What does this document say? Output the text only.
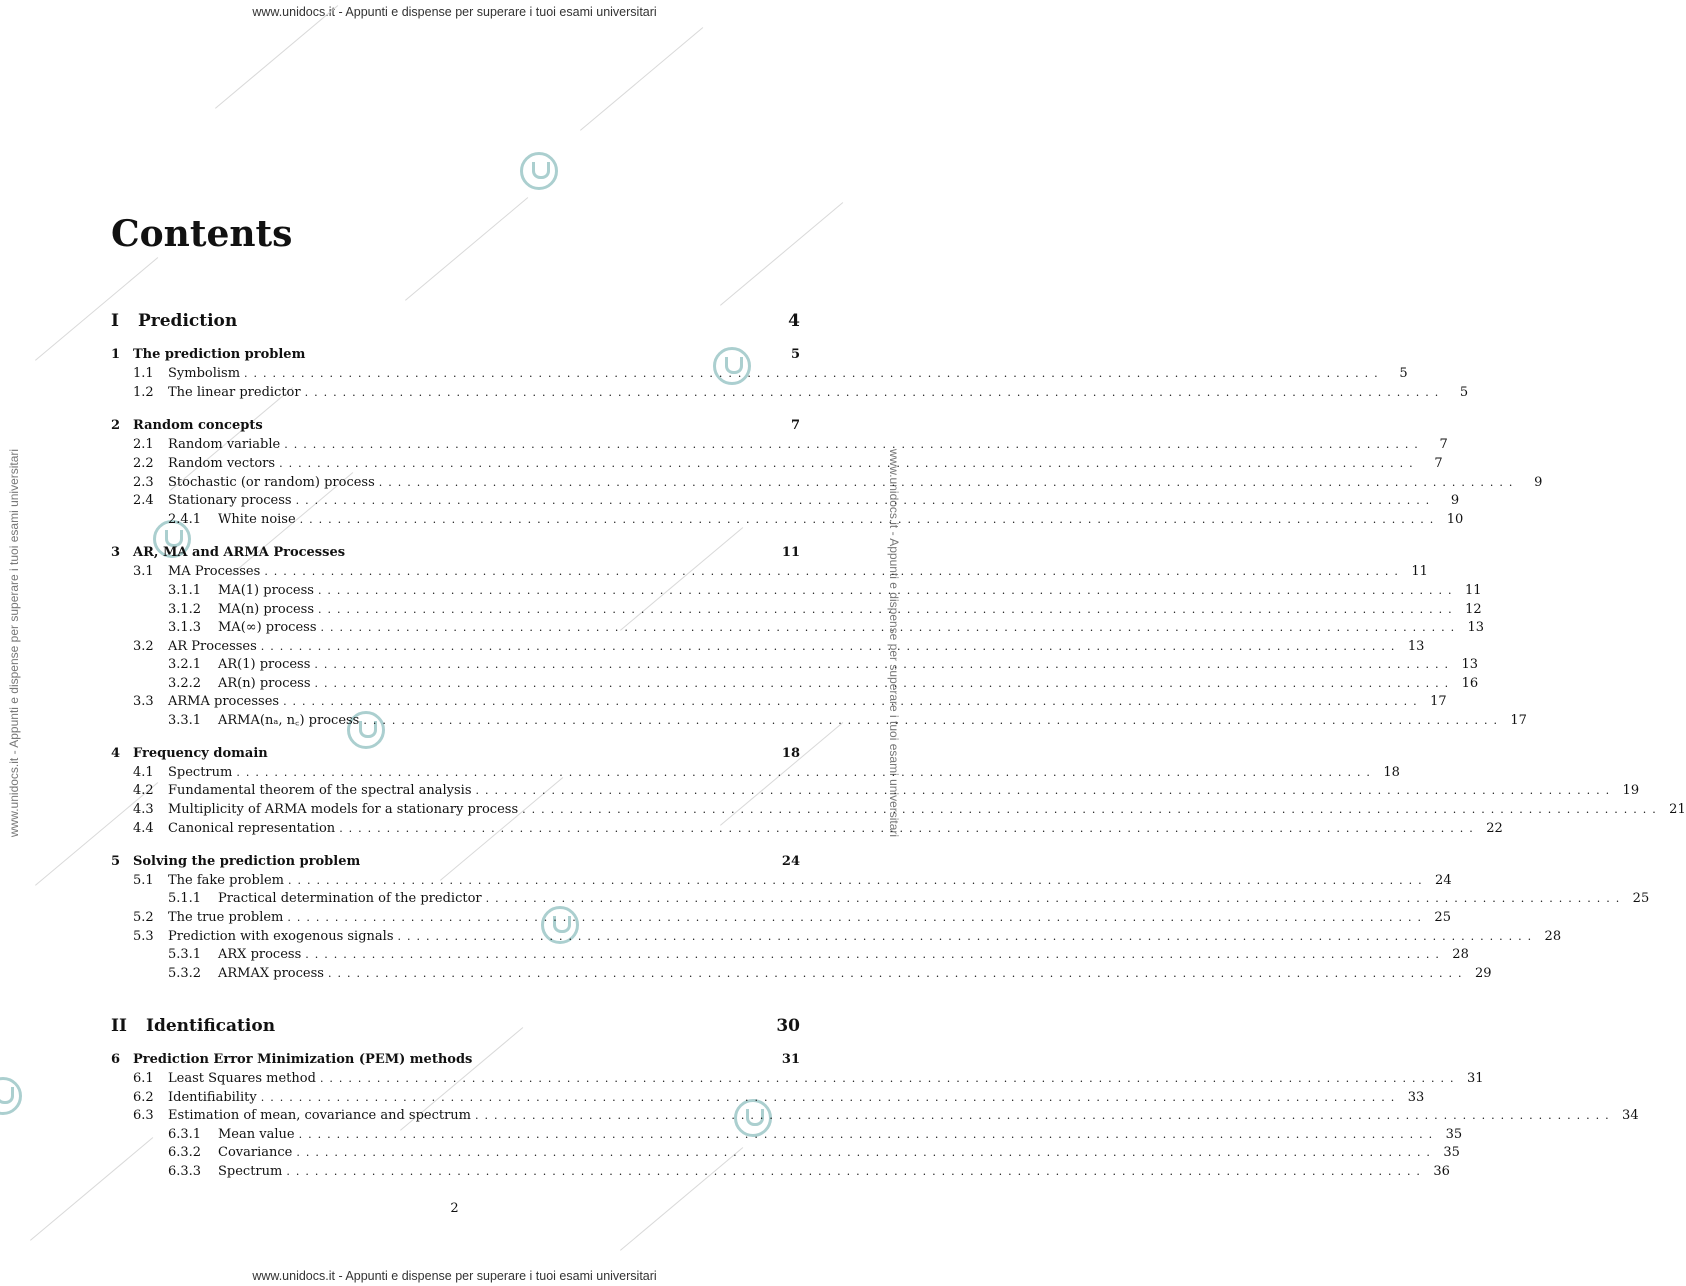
www.unidocs.it - Appunti e dispense per superare i tuoi esami universitari
www.unidocs.it - Appunti e dispense per superare i tuoi esami universitari
www.unidocs.it - Appunti e dispense per superare i tuoi esami universitari	www.unidocs.it - Appunti e dispense per superare i tuoi esami universitari
Contents
I	Prediction	4
1 The prediction problem	5
1.1	Symbolism ........................................................................................................................	5
1.2	The linear predictor ........................................................................................................................	5
2 Random concepts	7
2.1	Random variable ........................................................................................................................	7
2.2	Random vectors ........................................................................................................................	7
2.3	Stochastic (or random) process ........................................................................................................................	9
2.4	Stationary process ........................................................................................................................	9
2.4.1	White noise ........................................................................................................................ 10
3 AR, MA and ARMA Processes	11
3.1	MA Processes ........................................................................................................................ 11
3.1.1	MA(1) process ........................................................................................................................ 11
3.1.2	MA(n) process ........................................................................................................................ 12
3.1.3	MA(∞) process ........................................................................................................................ 13
3.2	AR Processes ........................................................................................................................ 13
3.2.1	AR(1) process ........................................................................................................................ 13
3.2.2	AR(n) process ........................................................................................................................ 16
3.3	ARMA processes ........................................................................................................................ 17
3.3.1	ARMA(nₐ, n꜀) process ........................................................................................................................ 17
4 Frequency domain	18
4.1	Spectrum ........................................................................................................................ 18
4.2	Fundamental theorem of the spectral analysis ........................................................................................................................ 19
4.3	Multiplicity of ARMA models for a stationary process ........................................................................................................................ 21
4.4	Canonical representation ........................................................................................................................ 22
5 Solving the prediction problem	24
5.1	The fake problem ........................................................................................................................ 24
5.1.1	Practical determination of the predictor ........................................................................................................................ 25
5.2	The true problem ........................................................................................................................ 25
5.3	Prediction with exogenous signals ........................................................................................................................ 28
5.3.1	ARX process ........................................................................................................................ 28
5.3.2	ARMAX process ........................................................................................................................ 29
II	Identification	30
6 Prediction Error Minimization (PEM) methods	31
6.1	Least Squares method ........................................................................................................................ 31
6.2	Identifiability ........................................................................................................................ 33
6.3	Estimation of mean, covariance and spectrum ........................................................................................................................ 34
6.3.1	Mean value ........................................................................................................................ 35
6.3.2	Covariance ........................................................................................................................ 35
6.3.3	Spectrum ........................................................................................................................ 36
2
